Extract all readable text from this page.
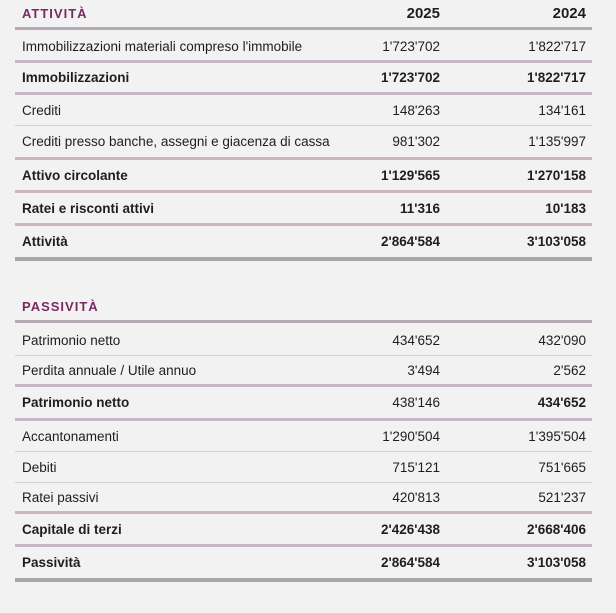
ATTIVITÀ	2025	2024
Immobilizzazioni materiali compreso l'immobile	1'723'702	1'822'717
Immobilizzazioni	1'723'702	1'822'717
Crediti	148'263	134'161
Crediti presso banche, assegni e giacenza di cassa	981'302	1'135'997
Attivo circolante	1'129'565	1'270'158
Ratei e risconti attivi	11'316	10'183
Attività	2'864'584	3'103'058
PASSIVITÀ
Patrimonio netto	434'652	432'090
Perdita annuale / Utile annuo	3'494	2'562
Patrimonio netto	438'146	434'652
Accantonamenti	1'290'504	1'395'504
Debiti	715'121	751'665
Ratei passivi	420'813	521'237
Capitale di terzi	2'426'438	2'668'406
Passività	2'864'584	3'103'058
